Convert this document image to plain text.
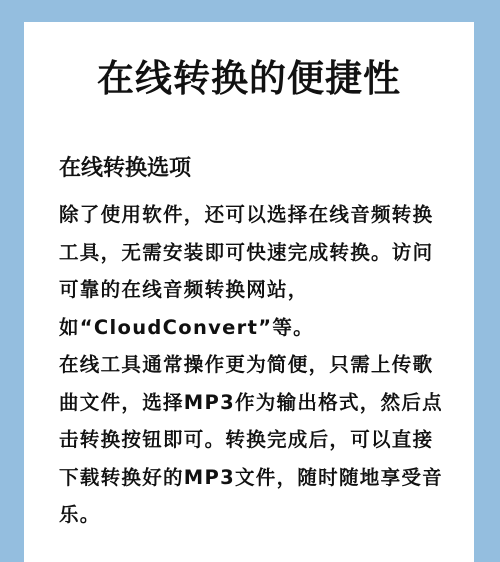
在线转换的便捷性
在线转换选项

除了使用软件，还可以选择在线音频转换工具，无需安装即可快速完成转换。访问可靠的在线音频转换网站，如“CloudConvert”等。

在线工具通常操作更为简便，只需上传歌曲文件，选择MP3作为输出格式，然后点击转换按钮即可。转换完成后，可以直接下载转换好的MP3文件，随时随地享受音乐。
